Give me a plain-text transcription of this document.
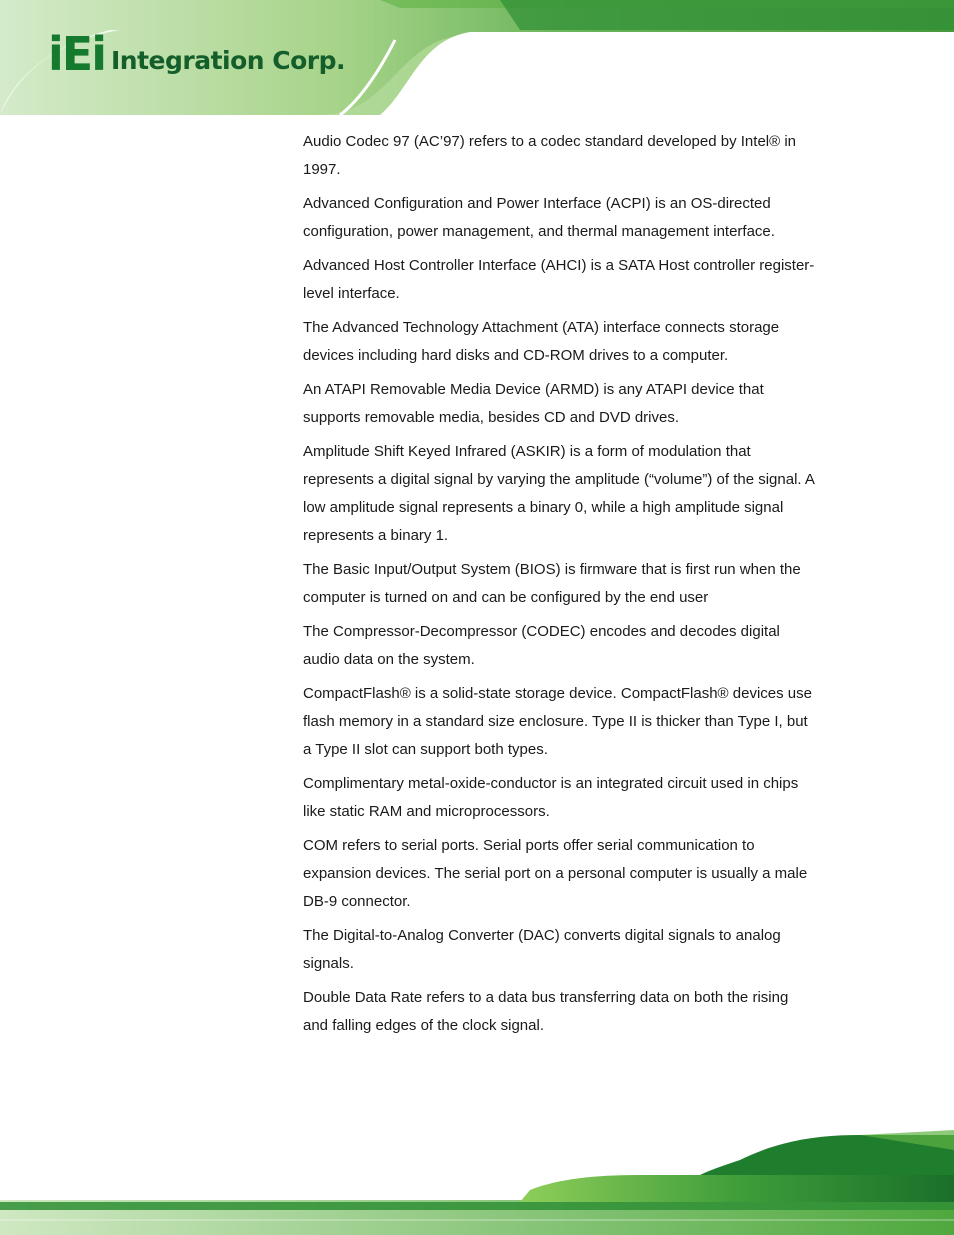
iEi Integration Corp.

Audio Codec 97 (AC’97) refers to a codec standard developed by Intel® in 1997.

Advanced Configuration and Power Interface (ACPI) is an OS-directed configuration, power management, and thermal management interface.

Advanced Host Controller Interface (AHCI) is a SATA Host controller register-level interface.

The Advanced Technology Attachment (ATA) interface connects storage devices including hard disks and CD-ROM drives to a computer.

An ATAPI Removable Media Device (ARMD) is any ATAPI device that supports removable media, besides CD and DVD drives.

Amplitude Shift Keyed Infrared (ASKIR) is a form of modulation that represents a digital signal by varying the amplitude (“volume”) of the signal. A low amplitude signal represents a binary 0, while a high amplitude signal represents a binary 1.

The Basic Input/Output System (BIOS) is firmware that is first run when the computer is turned on and can be configured by the end user

The Compressor-Decompressor (CODEC) encodes and decodes digital audio data on the system.

CompactFlash® is a solid-state storage device. CompactFlash® devices use flash memory in a standard size enclosure. Type II is thicker than Type I, but a Type II slot can support both types.

Complimentary metal-oxide-conductor is an integrated circuit used in chips like static RAM and microprocessors.

COM refers to serial ports. Serial ports offer serial communication to expansion devices. The serial port on a personal computer is usually a male DB-9 connector.

The Digital-to-Analog Converter (DAC) converts digital signals to analog signals.

Double Data Rate refers to a data bus transferring data on both the rising and falling edges of the clock signal.
